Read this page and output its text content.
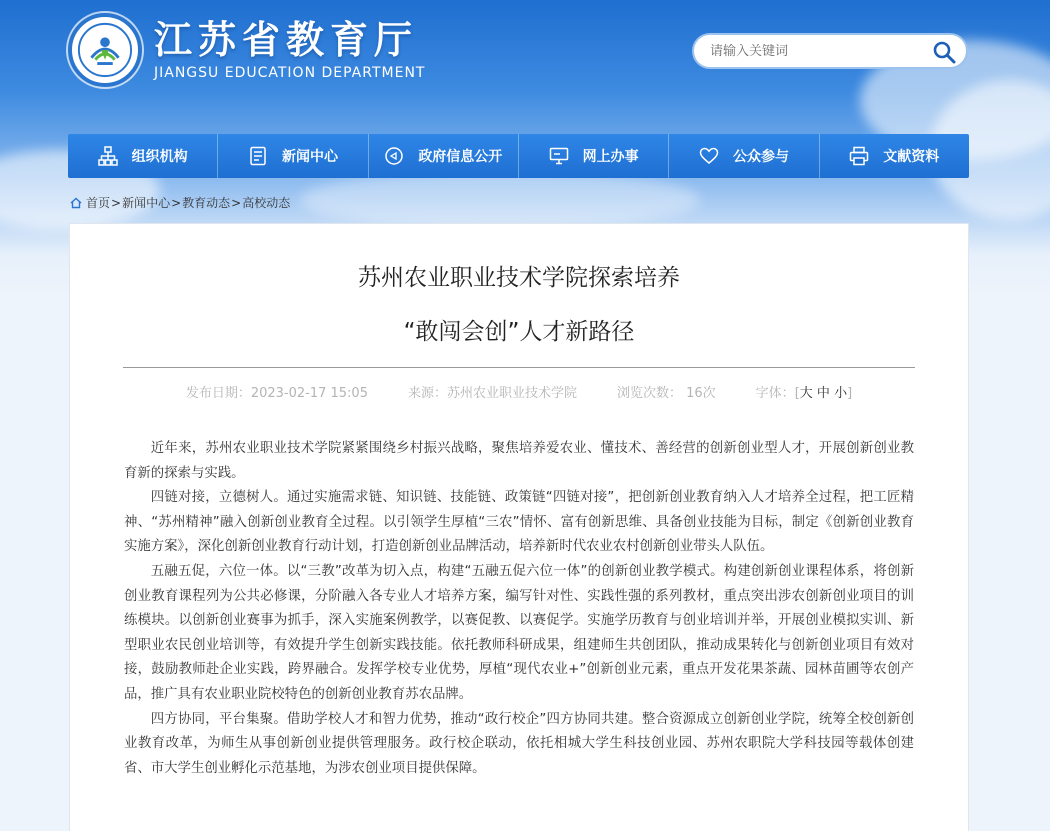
江苏省教育厅
JIANGSU EDUCATION DEPARTMENT
请输入关键词
组织机构	新闻中心	政府信息公开	网上办事	公众参与	文献资料
首页 > 新闻中心 > 教育动态 > 高校动态
苏州农业职业技术学院探索培养
“敢闯会创”人才新路径
发布日期：2023-02-17 15:05	来源：苏州农业职业技术学院	浏览次数： 16次	字体：[大 中 小]

近年来，苏州农业职业技术学院紧紧围绕乡村振兴战略，聚焦培养爱农业、懂技术、善经营的创新创业型人才，开展创新创业教育新的探索与实践。

四链对接，立德树人。通过实施需求链、知识链、技能链、政策链“四链对接”，把创新创业教育纳入人才培养全过程，把工匠精神、“苏州精神”融入创新创业教育全过程。以引领学生厚植“三农”情怀、富有创新思维、具备创业技能为目标，制定《创新创业教育实施方案》，深化创新创业教育行动计划，打造创新创业品牌活动，培养新时代农业农村创新创业带头人队伍。

五融五促，六位一体。以“三教”改革为切入点，构建“五融五促六位一体”的创新创业教学模式。构建创新创业课程体系，将创新创业教育课程列为公共必修课，分阶融入各专业人才培养方案，编写针对性、实践性强的系列教材，重点突出涉农创新创业项目的训练模块。以创新创业赛事为抓手，深入实施案例教学，以赛促教、以赛促学。实施学历教育与创业培训并举，开展创业模拟实训、新型职业农民创业培训等，有效提升学生创新实践技能。依托教师科研成果，组建师生共创团队，推动成果转化与创新创业项目有效对接，鼓励教师赴企业实践，跨界融合。发挥学校专业优势，厚植“现代农业+”创新创业元素，重点开发花果茶蔬、园林苗圃等农创产品，推广具有农业职业院校特色的创新创业教育苏农品牌。

四方协同，平台集聚。借助学校人才和智力优势，推动“政行校企”四方协同共建。整合资源成立创新创业学院，统筹全校创新创业教育改革，为师生从事创新创业提供管理服务。政行校企联动，依托相城大学生科技创业园、苏州农职院大学科技园等载体创建省、市大学生创业孵化示范基地，为涉农创业项目提供保障。
